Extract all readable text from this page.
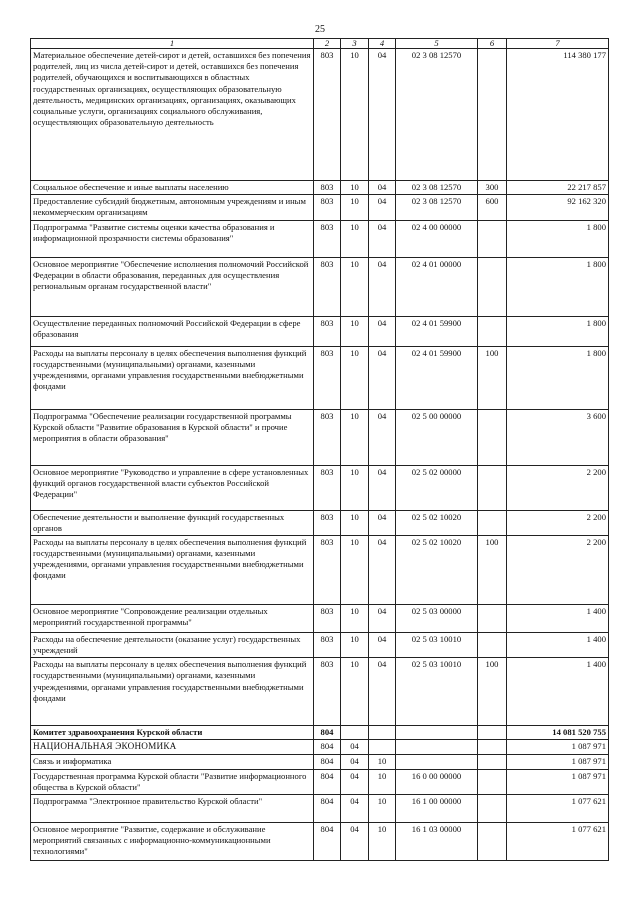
25
1	2	3	4	5	6	7
Материальное обеспечение детей-сирот и детей, оставшихся без попечения родителей, лиц из числа детей-сирот и детей, оставшихся без попечения родителей, обучающихся и воспитывающихся в областных государственных организациях, осуществляющих образовательную деятельность, медицинских организациях, организациях, оказывающих социальные услуги, организациях социального обслуживания, осуществляющих образовательную деятельность	803	10	04	02 3 08 12570		114 380 177
Социальное обеспечение и иные выплаты населению	803	10	04	02 3 08 12570	300	22 217 857
Предоставление субсидий бюджетным, автономным учреждениям и иным некоммерческим организациям	803	10	04	02 3 08 12570	600	92 162 320
Подпрограмма "Развитие системы оценки качества образования и информационной прозрачности системы образования"	803	10	04	02 4 00 00000		1 800
Основное мероприятие "Обеспечение исполнения полномочий Российской Федерации в области образования, переданных для осуществления региональным органам государственной власти"	803	10	04	02 4 01 00000		1 800
Осуществление переданных полномочий Российской Федерации в сфере образования	803	10	04	02 4 01 59900		1 800
Расходы на выплаты персоналу в целях обеспечения выполнения функций государственными (муниципальными) органами, казенными учреждениями, органами управления государственными внебюджетными фондами	803	10	04	02 4 01 59900	100	1 800
Подпрограмма "Обеспечение реализации государственной программы Курской области "Развитие образования в Курской области" и прочие мероприятия в области образования"	803	10	04	02 5 00 00000		3 600
Основное мероприятие "Руководство и управление в сфере установленных функций органов государственной власти субъектов Российской Федерации"	803	10	04	02 5 02 00000		2 200
Обеспечение деятельности и выполнение функций государственных органов	803	10	04	02 5 02 10020		2 200
Расходы на выплаты персоналу в целях обеспечения выполнения функций государственными (муниципальными) органами, казенными учреждениями, органами управления государственными внебюджетными фондами	803	10	04	02 5 02 10020	100	2 200
Основное мероприятие "Сопровождение реализации отдельных мероприятий государственной программы"	803	10	04	02 5 03 00000		1 400
Расходы на обеспечение деятельности (оказание услуг) государственных учреждений	803	10	04	02 5 03 10010		1 400
Расходы на выплаты персоналу в целях обеспечения выполнения функций государственными (муниципальными) органами, казенными учреждениями, органами управления государственными внебюджетными фондами	803	10	04	02 5 03 10010	100	1 400
Комитет здравоохранения Курской области	804					14 081 520 755
НАЦИОНАЛЬНАЯ ЭКОНОМИКА	804	04				1 087 971
Связь и информатика	804	04	10			1 087 971
Государственная программа Курской области "Развитие информационного общества в Курской области"	804	04	10	16 0 00 00000		1 087 971
Подпрограмма "Электронное правительство Курской области"	804	04	10	16 1 00 00000		1 077 621
Основное мероприятие "Развитие, содержание и обслуживание мероприятий связанных с информационно-коммуникационными технологиями"	804	04	10	16 1 03 00000		1 077 621
